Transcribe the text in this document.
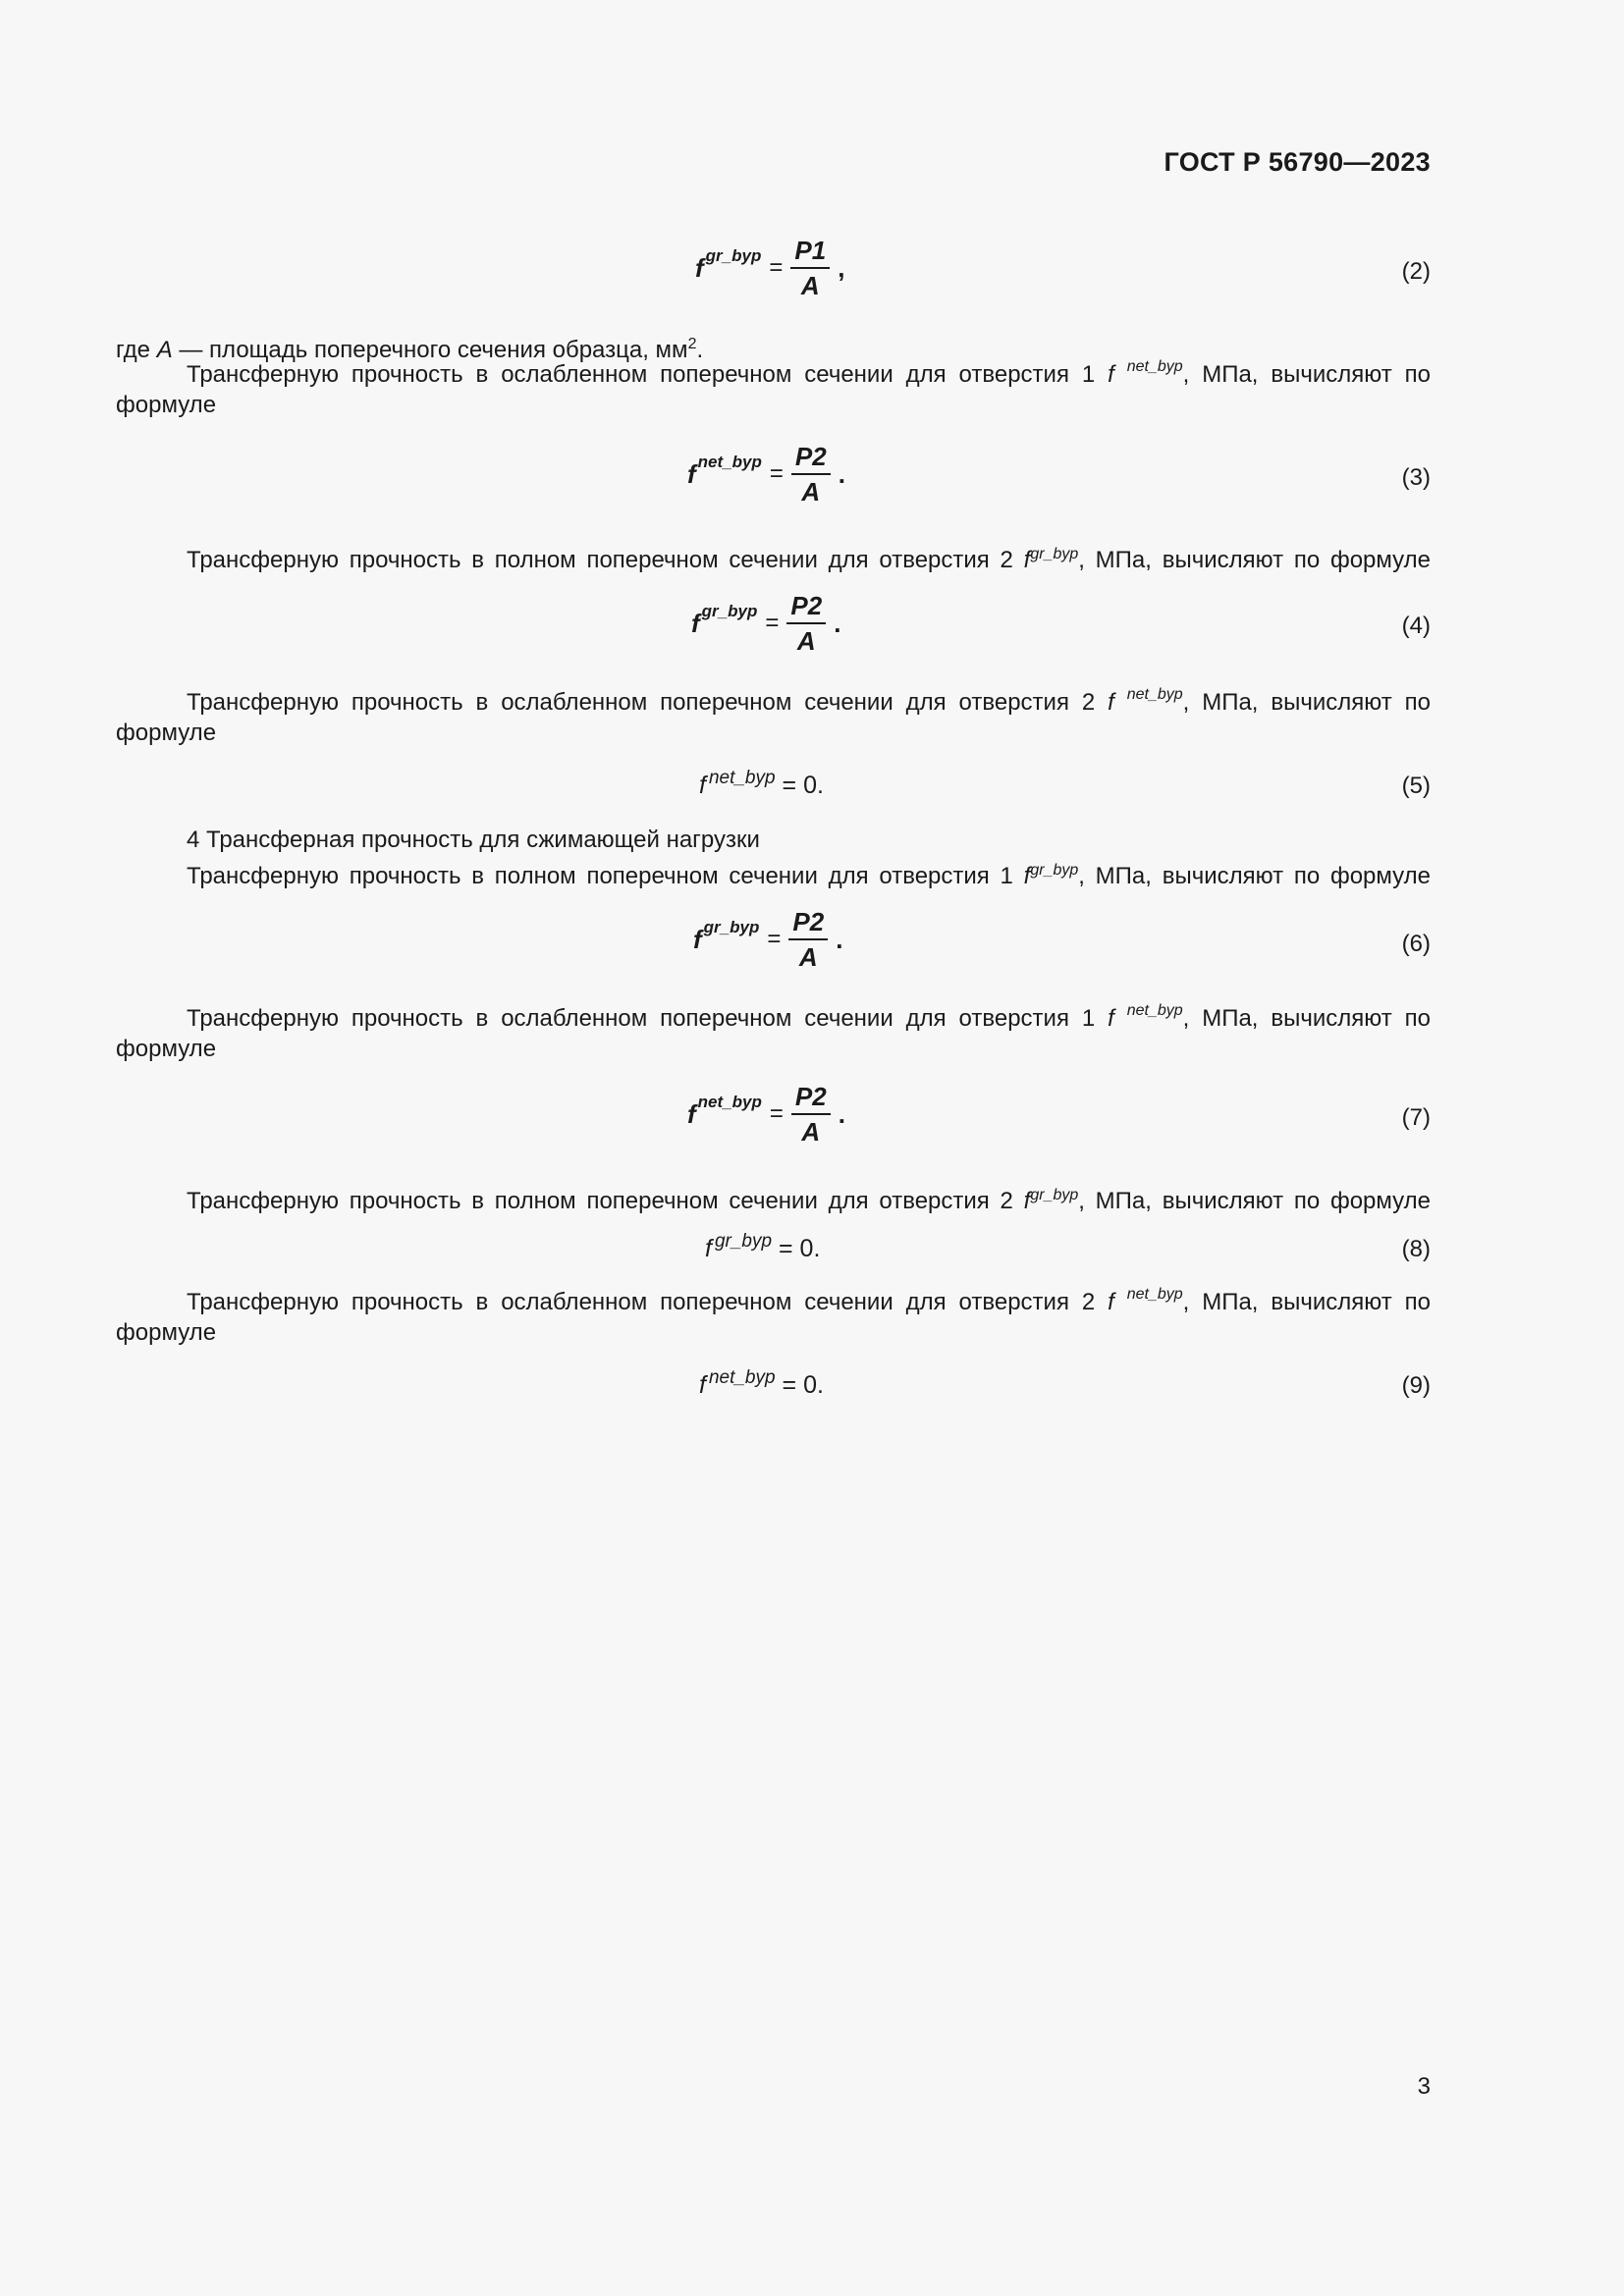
ГОСТ Р 56790—2023
f gr_byp = $\frac{P1}{A}$ ,	(2)
где A — площадь поперечного сечения образца, $мм^2$.
Трансферную прочность в ослабленном поперечном сечении для отверстия 1 f $^{net\_byp}$, МПа, вычисляют по формуле
f net_byp = $\frac{P2}{A}$ .	(3)
Трансферную прочность в полном поперечном сечении для отверстия 2 $f^{gr\_byp}$, МПа, вычисляют по формуле
f gr_byp = $\frac{P2}{A}$ .	(4)
Трансферную прочность в ослабленном поперечном сечении для отверстия 2 f $^{net\_byp}$, МПа, вычисляют по формуле
f $^{net\_byp}$ = 0.	(5)
4 Трансферная прочность для сжимающей нагрузки
Трансферную прочность в полном поперечном сечении для отверстия 1 $f^{gr\_byp}$, МПа, вычисляют по формуле
f gr_byp = $\frac{P2}{A}$ .	(6)
Трансферную прочность в ослабленном поперечном сечении для отверстия 1 f $^{net\_byp}$, МПа, вычисляют по формуле
f net_byp = $\frac{P2}{A}$ .	(7)
Трансферную прочность в полном поперечном сечении для отверстия 2 $f^{gr\_byp}$, МПа, вычисляют по формуле
f $^{gr\_byp}$ = 0.	(8)
Трансферную прочность в ослабленном поперечном сечении для отверстия 2 f $^{net\_byp}$, МПа, вычисляют по формуле
f $^{net\_byp}$ = 0.	(9)
3
